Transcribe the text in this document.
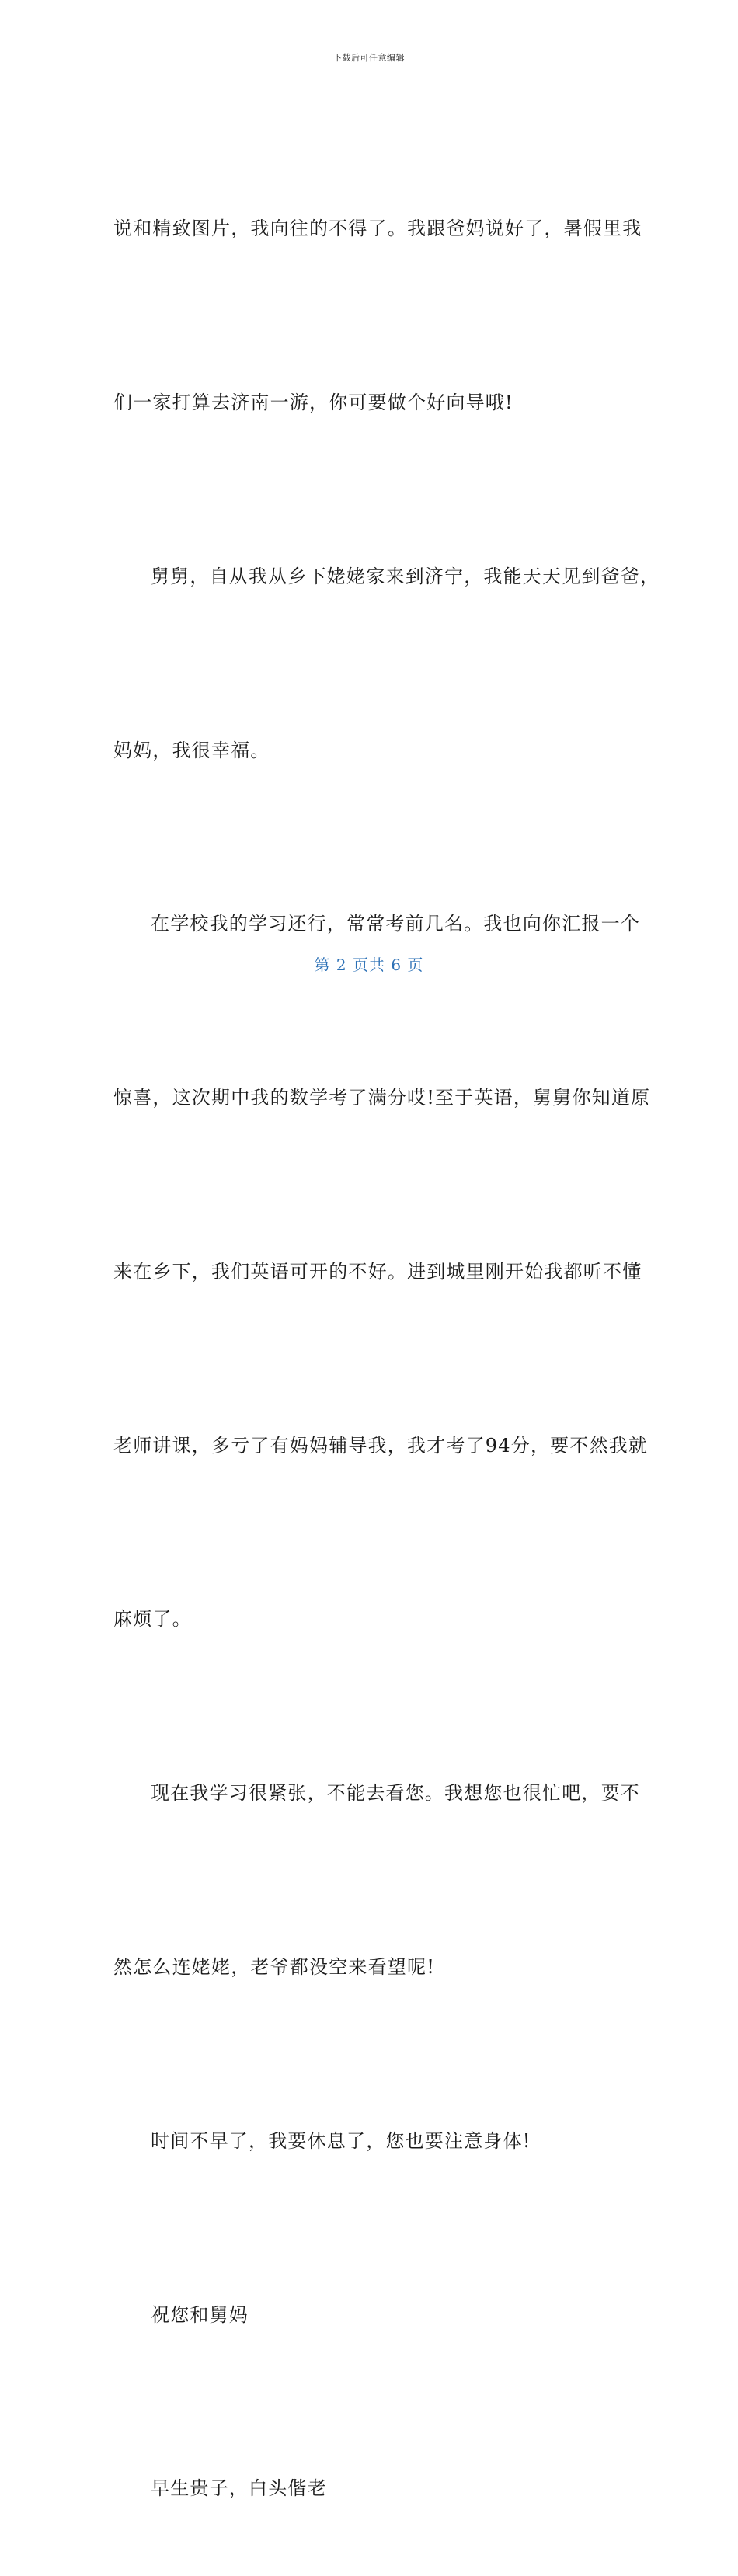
下载后可任意编辑

说和精致图片，我向往的不得了。我跟爸妈说好了，暑假里我

们一家打算去济南一游，你可要做个好向导哦!

舅舅，自从我从乡下姥姥家来到济宁，我能天天见到爸爸，

妈妈，我很幸福。

在学校我的学习还行，常常考前几名。我也向你汇报一个

惊喜，这次期中我的数学考了满分哎!至于英语，舅舅你知道原

来在乡下，我们英语可开的不好。进到城里刚开始我都听不懂

老师讲课，多亏了有妈妈辅导我，我才考了94分，要不然我就

麻烦了。

现在我学习很紧张，不能去看您。我想您也很忙吧，要不

然怎么连姥姥，老爷都没空来看望呢!

时间不早了，我要休息了，您也要注意身体!

祝您和舅妈

早生贵子，白头偕老

第 2 页共 6 页
